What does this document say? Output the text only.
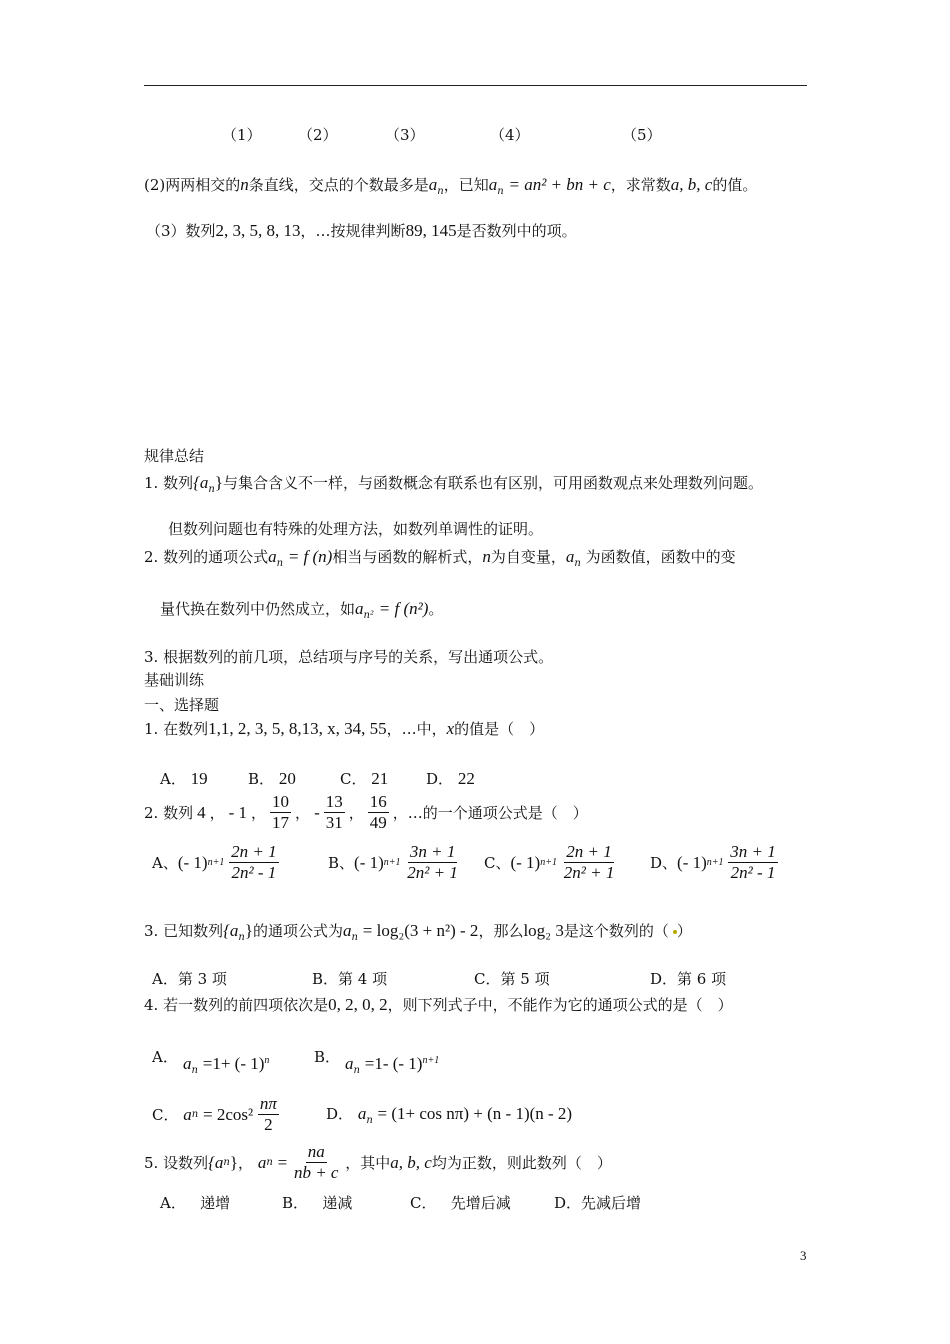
（1） （2）	（3）	（4）	（5）
(2)两两相交的n条直线，交点的个数最多是$a_n$，已知$a_n = an^2$ + bn + c，求常数a, b, c的值。
（3）数列2, 3, 5, 8, 13，…按规律判断89, 145是否数列中的项。
规律总结
1. 数列$\{a_n\}$与集合含义不一样，与函数概念有联系也有区别，可用函数观点来处理数列问题。
但数列问题也有特殊的处理方法，如数列单调性的证明。
2. 数列的通项公式$a_n = f$ (n)相当与函数的解析式，n为自变量，$a_n$ 为函数值，函数中的变
量代换在数列中仍然成立，如$a_{n^2} = f$ (n²)。
3. 根据数列的前几项，总结项与序号的关系，写出通项公式。
基础训练
一、选择题
1. 在数列1,1, 2, 3, 5, 8,13, x, 34, 55，…中，x的值是（　）
A． 19	B． 20	C． 21	D． 22
2. 数列 4 ， - 1 ， $\frac{10}{17}$ ， - $\frac{13}{31}$ ， $\frac{16}{49}$ ，…的一个通项公式是（　）
A、 (- 1) n+1
$\frac{2n + 1}{\text{2n² - 1}}$	B、 (- 1) n+1
$\frac{3n + 1}{\text{2n² + 1}}$ C、 (- 1) n+1
$\frac{2n + 1}{\text{2n² + 1}}$ D、 (- 1) n+1
$\frac{3n + 1}{\text{2n² - 1}}$
3. 已知数列$\{a_n\}$的通项公式为$a_n = \log_2(3 + n^2) - 2$，那么log₂ 3是这个数列的（ ）
A．第 3 项	B．第 4 项	C．第 5 项	D．第 6 项
4. 若一数列的前四项依次是0, 2, 0, 2，则下列式子中，不能作为它的通项公式的是（　）
A． $a_n =1+$ (- 1)$^n$	B． $a_n =1-$ (- 1)$^{n+1}$
C．
a n
= 2cos²
$\frac{n\pi}{2}$	D． $a_n = (1+ \cos n\pi) + (n - 1)(n - 2)$
5. 设数列 {a n } ，
a n
=
$\frac{na}{nb + c}$
，其中 a, b, c 均为正数，则此数列（　）
A． 递增	B． 递减	C． 先增后减	D．先减后增
3
